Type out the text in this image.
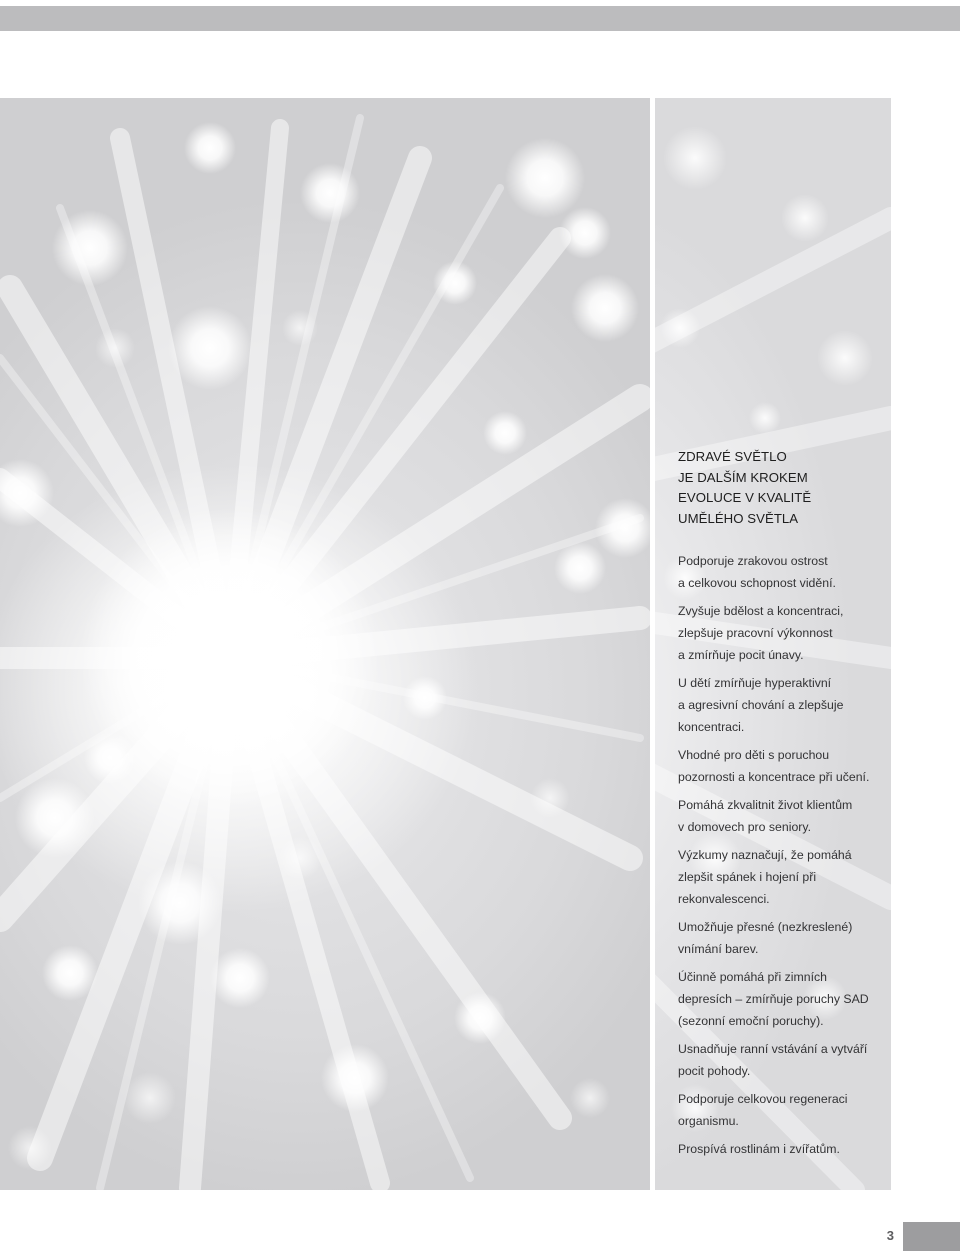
ZDRAVÉ SVĚTLO
JE DALŠÍM KROKEM
EVOLUCE V KVALITĚ
UMĚLÉHO SVĚTLA
Podporuje zrakovou ostrost
a celkovou schopnost vidění.
Zvyšuje bdělost a koncentraci,
zlepšuje pracovní výkonnost
a zmírňuje pocit únavy.
U dětí zmírňuje hyperaktivní
a agresivní chování a zlepšuje
koncentraci.
Vhodné pro děti s poruchou
pozornosti a koncentrace při učení.
Pomáhá zkvalitnit život klientům
v domovech pro seniory.
Výzkumy naznačují, že pomáhá
zlepšit spánek i hojení při
rekonvalescenci.
Umožňuje přesné (nezkreslené)
vnímání barev.
Účinně pomáhá při zimních
depresích – zmírňuje poruchy SAD
(sezonní emoční poruchy).
Usnadňuje ranní vstávání a vytváří
pocit pohody.
Podporuje celkovou regeneraci
organismu.
Prospívá rostlinám i zvířatům.
3
